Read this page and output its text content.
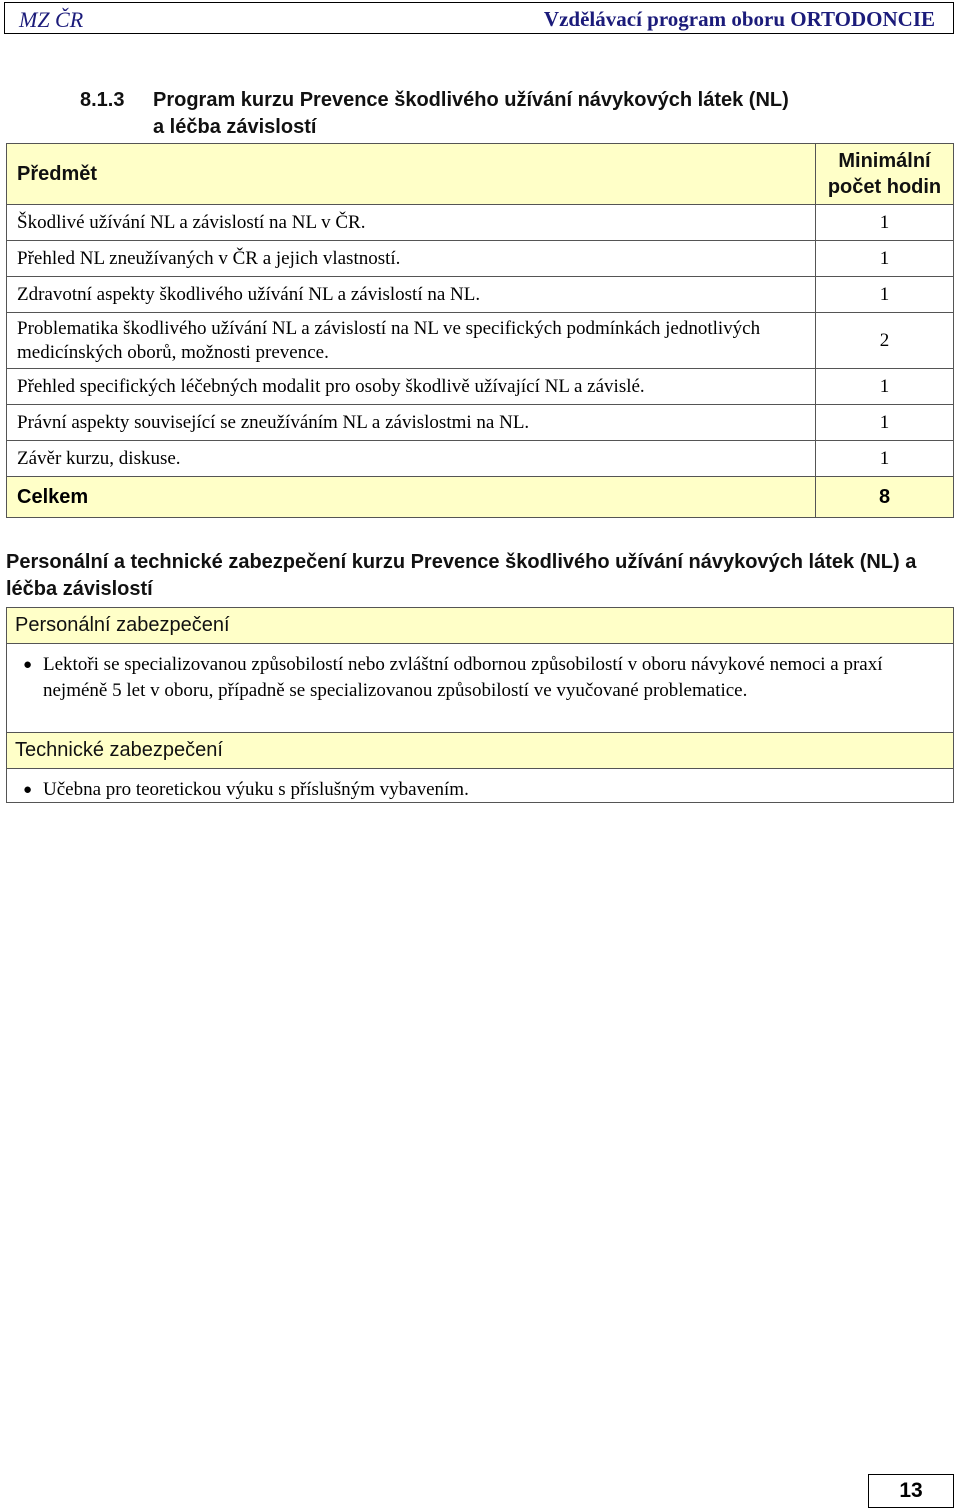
MZ ČR	Vzdělávací program oboru ORTODONCIE
8.1.3 Program kurzu Prevence škodlivého užívání návykových látek (NL)
a léčba závislostí
Předmět	Minimální
počet hodin

Škodlivé užívání NL a závislostí na NL v ČR.	1
Přehled NL zneužívaných v ČR a jejich vlastností.	1
Zdravotní aspekty škodlivého užívání NL a závislostí na NL.	1
Problematika škodlivého užívání NL a závislostí na NL ve specifických podmínkách jednotlivých medicínských oborů, možnosti prevence.	2
Přehled specifických léčebných modalit pro osoby škodlivě užívající NL a závislé.	1
Právní aspekty související se zneužíváním NL a závislostmi na NL.	1
Závěr kurzu, diskuse.	1
Celkem	8
Personální a technické zabezpečení kurzu Prevence škodlivého užívání návykových látek (NL) a léčba závislostí
Personální zabezpečení
● Lektoři se specializovanou způsobilostí nebo zvláštní odbornou způsobilostí v oboru návykové nemoci a praxí nejméně 5 let v oboru, případně se specializovanou způsobilostí ve vyučované problematice.
Technické zabezpečení
● Učebna pro teoretickou výuku s příslušným vybavením.
13
